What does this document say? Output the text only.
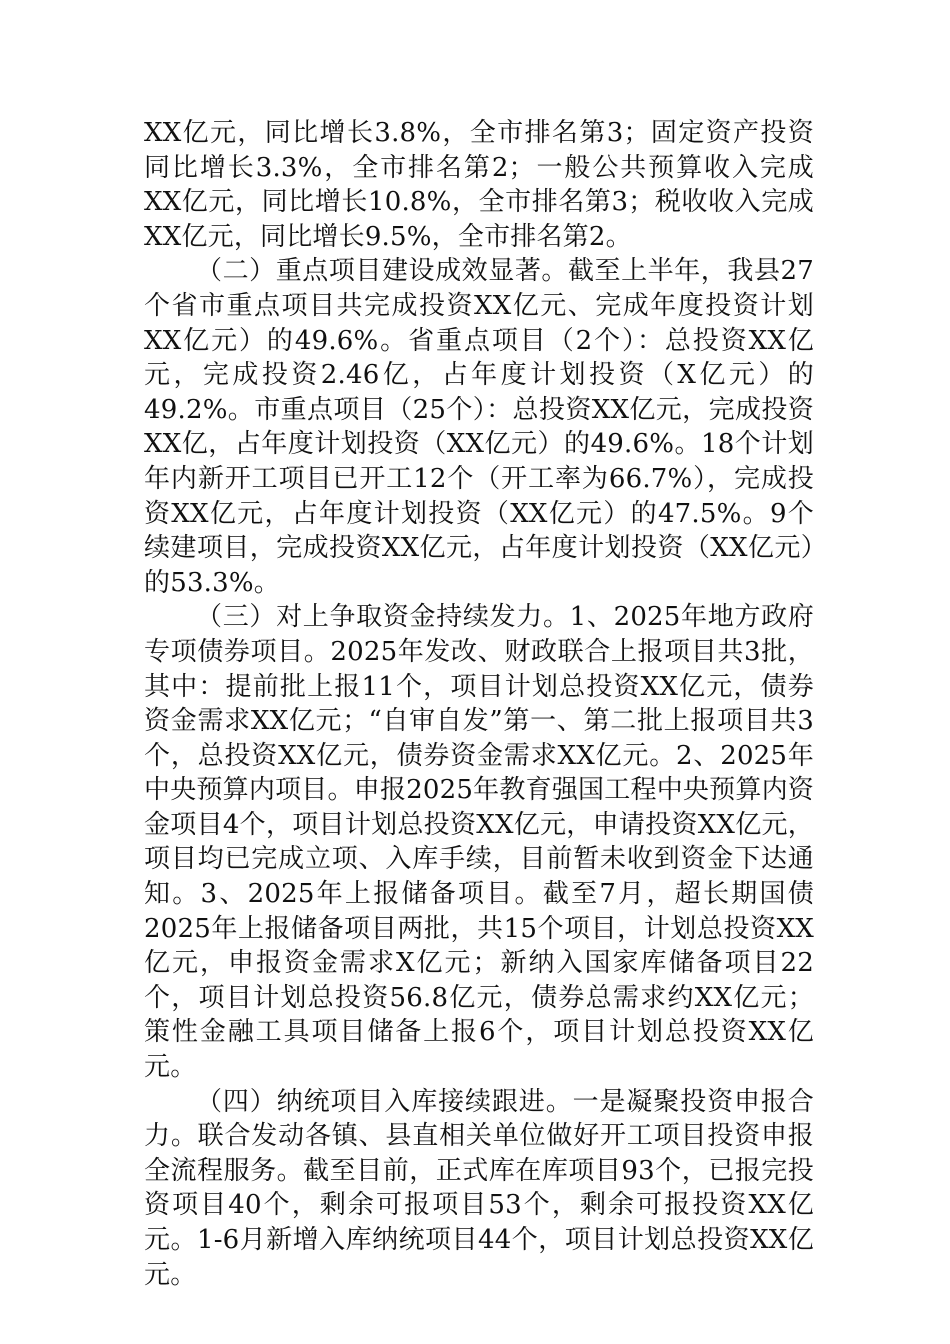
XX亿元，同比增长3.8%，全市排名第3；固定资产投资同比增长3.3%，全市排名第2；一般公共预算收入完成XX亿元，同比增长10.8%，全市排名第3；税收收入完成XX亿元，同比增长9.5%，全市排名第2。

（二）重点项目建设成效显著。截至上半年，我县27个省市重点项目共完成投资XX亿元、完成年度投资计划XX亿元）的49.6%。省重点项目（2个）：总投资XX亿元，完成投资2.46亿，占年度计划投资（X亿元）的49.2%。市重点项目（25个）：总投资XX亿元，完成投资XX亿，占年度计划投资（XX亿元）的49.6%。18个计划年内新开工项目已开工12个（开工率为66.7%），完成投资XX亿元，占年度计划投资（XX亿元）的47.5%。9个续建项目，完成投资XX亿元，占年度计划投资（XX亿元）的53.3%。

（三）对上争取资金持续发力。1、2025年地方政府专项债券项目。2025年发改、财政联合上报项目共3批，其中：提前批上报11个，项目计划总投资XX亿元，债券资金需求XX亿元；“自审自发”第一、第二批上报项目共3个，总投资XX亿元，债券资金需求XX亿元。2、2025年中央预算内项目。申报2025年教育强国工程中央预算内资金项目4个，项目计划总投资XX亿元，申请投资XX亿元，项目均已完成立项、入库手续，目前暂未收到资金下达通知。3、2025年上报储备项目。截至7月，超长期国债2025年上报储备项目两批，共15个项目，计划总投资XX亿元，申报资金需求X亿元；新纳入国家库储备项目22个，项目计划总投资56.8亿元，债券总需求约XX亿元；策性金融工具项目储备上报6个，项目计划总投资XX亿元。

（四）纳统项目入库接续跟进。一是凝聚投资申报合力。联合发动各镇、县直相关单位做好开工项目投资申报全流程服务。截至目前，正式库在库项目93个，已报完投资项目40个，剩余可报项目53个，剩余可报投资XX亿元。1-6月新增入库纳统项目44个，项目计划总投资XX亿元。
